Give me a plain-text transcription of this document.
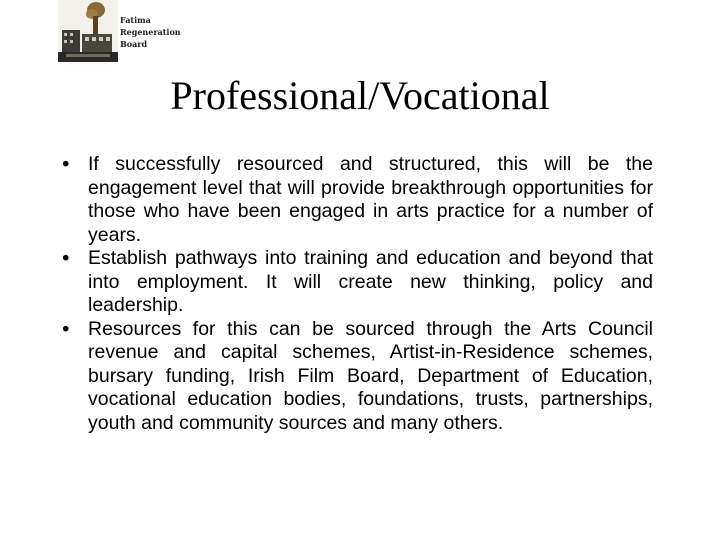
Fatima
Regeneration
Board
Professional/Vocational
• If successfully resourced and structured, this will be the engagement level that will provide breakthrough opportunities for those who have been engaged in arts practice for a number of years.
• Establish pathways into training and education and beyond that into employment. It will create new thinking, policy and leadership.
• Resources for this can be sourced through the Arts Council revenue and capital schemes, Artist-in-Residence schemes, bursary funding, Irish Film Board, Department of Education, vocational education bodies, foundations, trusts, partnerships, youth and community sources and many others.
